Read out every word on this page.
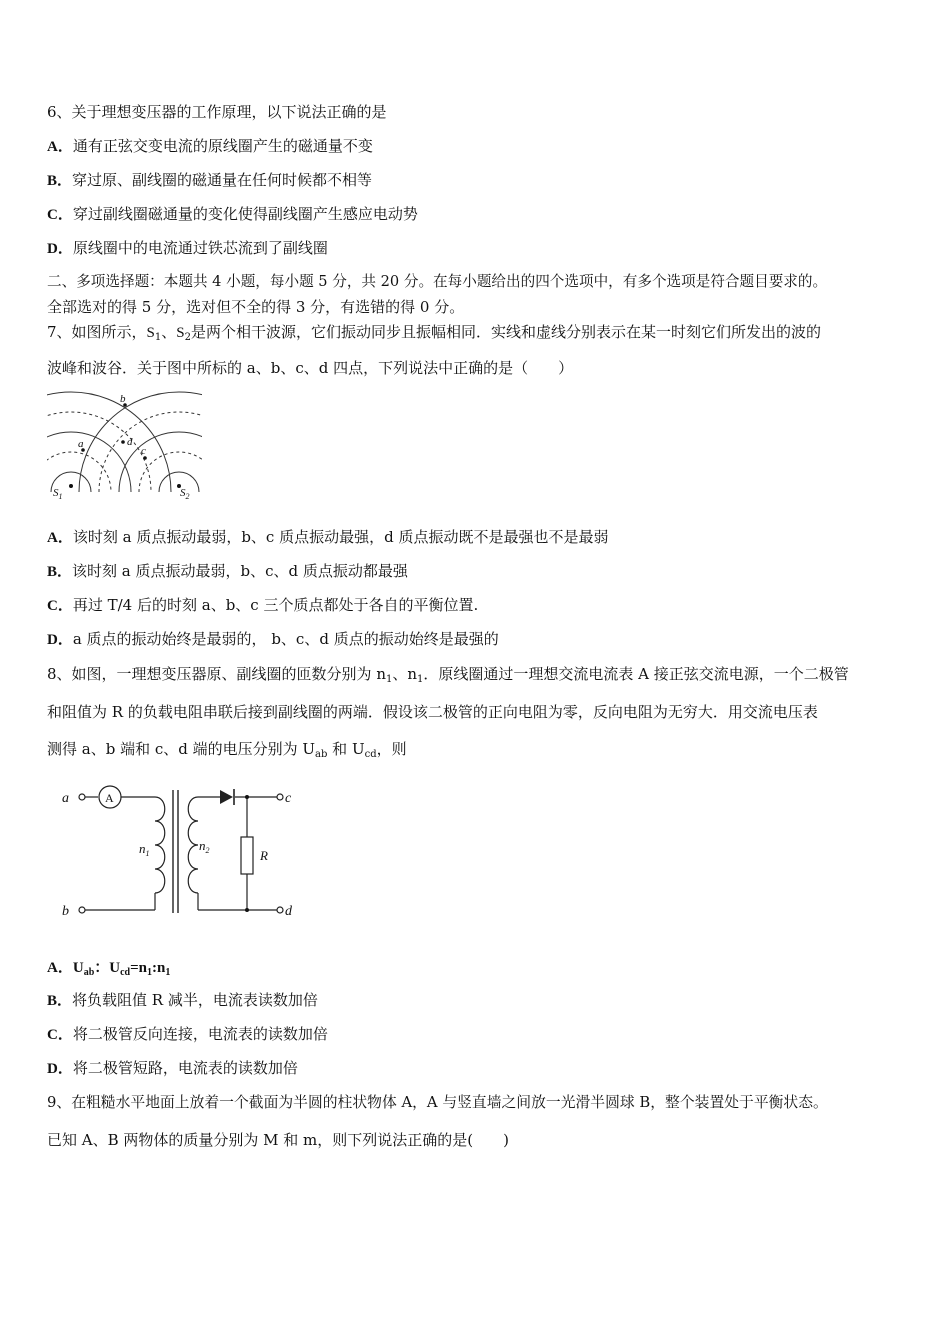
6、关于理想变压器的工作原理，以下说法正确的是
A．通有正弦交变电流的原线圈产生的磁通量不变
B．穿过原、副线圈的磁通量在任何时候都不相等
C．穿过副线圈磁通量的变化使得副线圈产生感应电动势
D．原线圈中的电流通过铁芯流到了副线圈
二、多项选择题：本题共 4 小题，每小题 5 分，共 20 分。在每小题给出的四个选项中，有多个选项是符合题目要求的。
全部选对的得 5 分，选对但不全的得 3 分，有选错的得 0 分。
7、如图所示，$S_1$、$S_2$是两个相干波源，它们振动同步且振幅相同．实线和虚线分别表示在某一时刻它们所发出的波的
波峰和波谷．关于图中所标的 a、b、c、d 四点，下列说法中正确的是（　　）
b
a	d
c
$S_1$	$S_2$
A．该时刻 a 质点振动最弱，b、c 质点振动最强，d 质点振动既不是最强也不是最弱
B．该时刻 a 质点振动最弱，b、c、d 质点振动都最强
C．再过 T/4 后的时刻 a、b、c 三个质点都处于各自的平衡位置.
D．a 质点的振动始终是最弱的， b、c、d 质点的振动始终是最强的
8、如图，一理想变压器原、副线圈的匝数分别为 $n_1$、$n_1$．原线圈通过一理想交流电流表 A 接正弦交流电源，一个二极管
和阻值为 R 的负载电阻串联后接到副线圈的两端．假设该二极管的正向电阻为零，反向电阻为无穷大．用交流电压表
测得 a、b 端和 c、d 端的电压分别为 $U_{ab}$ 和 $U_{cd}$，则
a
b
c
d
$n_1$
$n_2$	R
A
A．$U_{ab}$：$U_{cd}=n_1:n_1$
B．将负载阻值 R 减半，电流表读数加倍
C．将二极管反向连接，电流表的读数加倍
D．将二极管短路，电流表的读数加倍
9、在粗糙水平地面上放着一个截面为半圆的柱状物体 A，A 与竖直墙之间放一光滑半圆球 B，整个装置处于平衡状态。
已知 A、B 两物体的质量分别为 M 和 m，则下列说法正确的是(　　)
